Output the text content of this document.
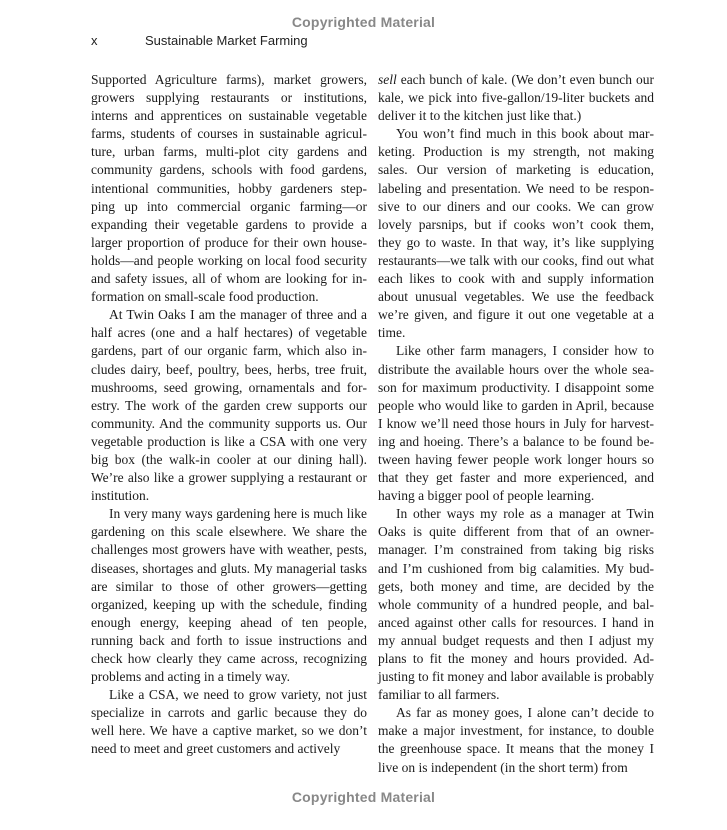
Copyrighted Material
x	Sustainable Market Farming

Supported Agriculture farms), market growers, growers supplying restaurants or institutions, interns and apprentices on sustainable vegetable farms, students of courses in sustainable agriculture, urban farms, multi-plot city gardens and community gardens, schools with food gardens, intentional communities, hobby gardeners stepping up into commercial organic farming—or expanding their vegetable gardens to provide a larger proportion of produce for their own households—and people working on local food security and safety issues, all of whom are looking for information on small-scale food production.

At Twin Oaks I am the manager of three and a half acres (one and a half hectares) of vegetable gardens, part of our organic farm, which also includes dairy, beef, poultry, bees, herbs, tree fruit, mushrooms, seed growing, ornamentals and forestry. The work of the garden crew supports our community. And the community supports us. Our vegetable production is like a CSA with one very big box (the walk-in cooler at our dining hall). We’re also like a grower supplying a restaurant or institution.

In very many ways gardening here is much like gardening on this scale elsewhere. We share the challenges most growers have with weather, pests, diseases, shortages and gluts. My managerial tasks are similar to those of other growers—getting organized, keeping up with the schedule, finding enough energy, keeping ahead of ten people, running back and forth to issue instructions and check how clearly they came across, recognizing problems and acting in a timely way.

Like a CSA, we need to grow variety, not just specialize in carrots and garlic because they do well here. We have a captive market, so we don’t need to meet and greet customers and actively

sell each bunch of kale. (We don’t even bunch our kale, we pick into five-gallon/19-liter buckets and deliver it to the kitchen just like that.)

You won’t find much in this book about marketing. Production is my strength, not making sales. Our version of marketing is education, labeling and presentation. We need to be responsive to our diners and our cooks. We can grow lovely parsnips, but if cooks won’t cook them, they go to waste. In that way, it’s like supplying restaurants—we talk with our cooks, find out what each likes to cook with and supply information about unusual vegetables. We use the feedback we’re given, and figure it out one vegetable at a time.

Like other farm managers, I consider how to distribute the available hours over the whole season for maximum productivity. I disappoint some people who would like to garden in April, because I know we’ll need those hours in July for harvesting and hoeing. There’s a balance to be found between having fewer people work longer hours so that they get faster and more experienced, and having a bigger pool of people learning.

In other ways my role as a manager at Twin Oaks is quite different from that of an owner-manager. I’m constrained from taking big risks and I’m cushioned from big calamities. My budgets, both money and time, are decided by the whole community of a hundred people, and balanced against other calls for resources. I hand in my annual budget requests and then I adjust my plans to fit the money and hours provided. Adjusting to fit money and labor available is probably familiar to all farmers.

As far as money goes, I alone can’t decide to make a major investment, for instance, to double the greenhouse space. It means that the money I live on is independent (in the short term) from

Copyrighted Material
